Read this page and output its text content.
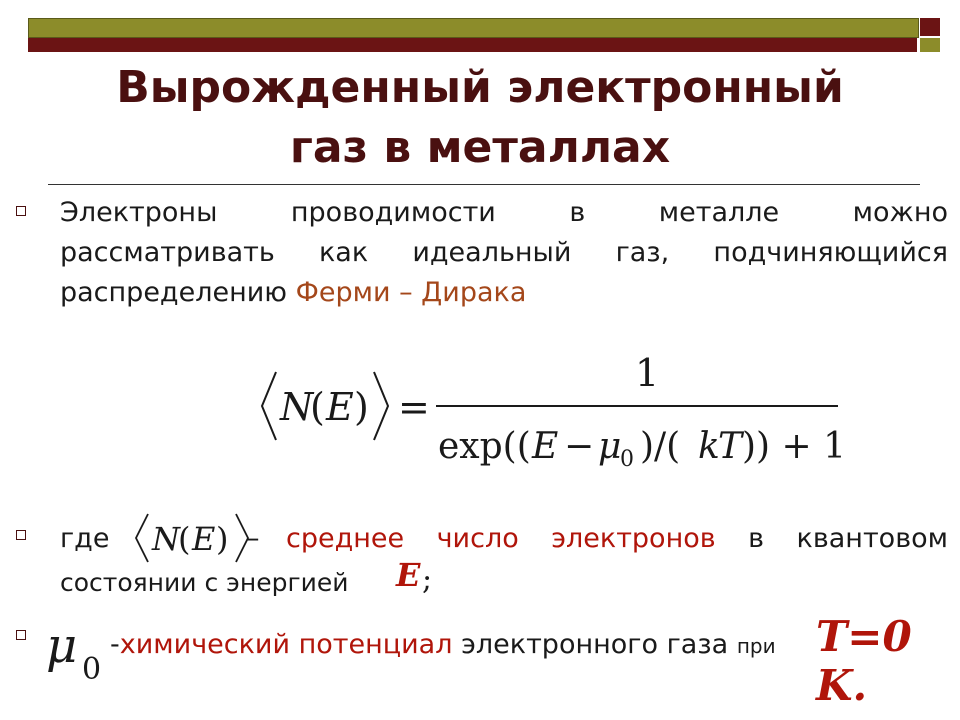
Вырожденный электронный
газ в металлах
Электроны проводимости в металле можно
рассматривать как идеальный газ, подчиняющийся
распределению Ферми – Дирака
N
( E ) =
1
exp(( E − μ
0 )/( k
T )) + 1
где N
( E ) – среднее число электронов в квантовом
состоянии с энергией E ;
μ 0
-химический потенциал электронного газа при T=0 K.
